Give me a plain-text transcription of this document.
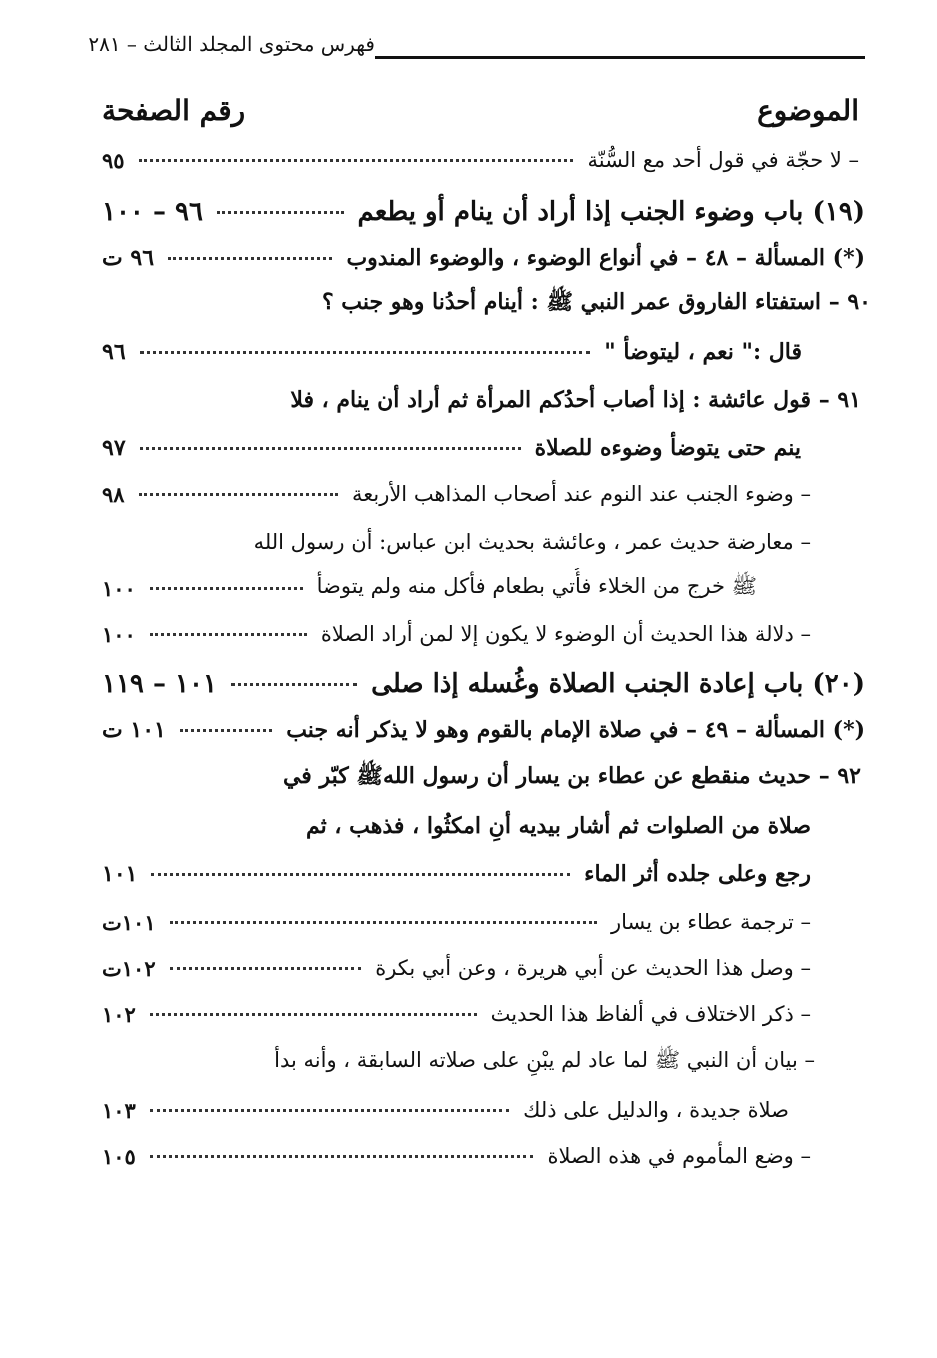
فهرس محتوى المجلد الثالث – ٢٨١
الموضوع
رقم الصفحة
– لا حجّة في قول أحد مع السُّنّة
٩٥
(١٩) باب وضوء الجنب إذا أراد أن ينام أو يطعم
٩٦ – ١٠٠
(*) المسألة – ٤٨ – في أنواع الوضوء ، والوضوء المندوب
٩٦ ت
٩٠ – استفتاء الفاروق عمر النبي ﷺ : أينام أحدُنا وهو جنب ؟
قال :" نعم ، ليتوضأ "
٩٦
٩١ – قول عائشة : إذا أصاب أحدُكم المرأة ثم أراد أن ينام ، فلا
ينم حتى يتوضأ وضوءه للصلاة
٩٧
– وضوء الجنب عند النوم عند أصحاب المذاهب الأربعة
٩٨
– معارضة حديث عمر ، وعائشة بحديث ابن عباس: أن رسول الله
ﷺ خرج من الخلاء فأُتي بطعام فأكل منه ولم يتوضأ
١٠٠
– دلالة هذا الحديث أن الوضوء لا يكون إلا لمن أراد الصلاة
١٠٠
(٢٠) باب إعادة الجنب الصلاة وغُسله إذا صلى
١٠١ – ١١٩
(*) المسألة – ٤٩ – في صلاة الإمام بالقوم وهو لا يذكر أنه جنب
١٠١ ت
٩٢ – حديث منقطع عن عطاء بن يسار أن رسول اللهﷺ كبّر في
صلاة من الصلوات ثم أشار بيديه أنِ امكثُوا ، فذهب ، ثم
رجع وعلى جلده أثر الماء
١٠١
– ترجمة عطاء بن يسار
١٠١ت
– وصل هذا الحديث عن أبي هريرة ، وعن أبي بكرة
١٠٢ت
– ذكر الاختلاف في ألفاظ هذا الحديث
١٠٢
– بيان أن النبي ﷺ لما عاد لم يبْنِ على صلاته السابقة ، وأنه بدأ
صلاة جديدة ، والدليل على ذلك
١٠٣
– وضع المأموم في هذه الصلاة
١٠٥
